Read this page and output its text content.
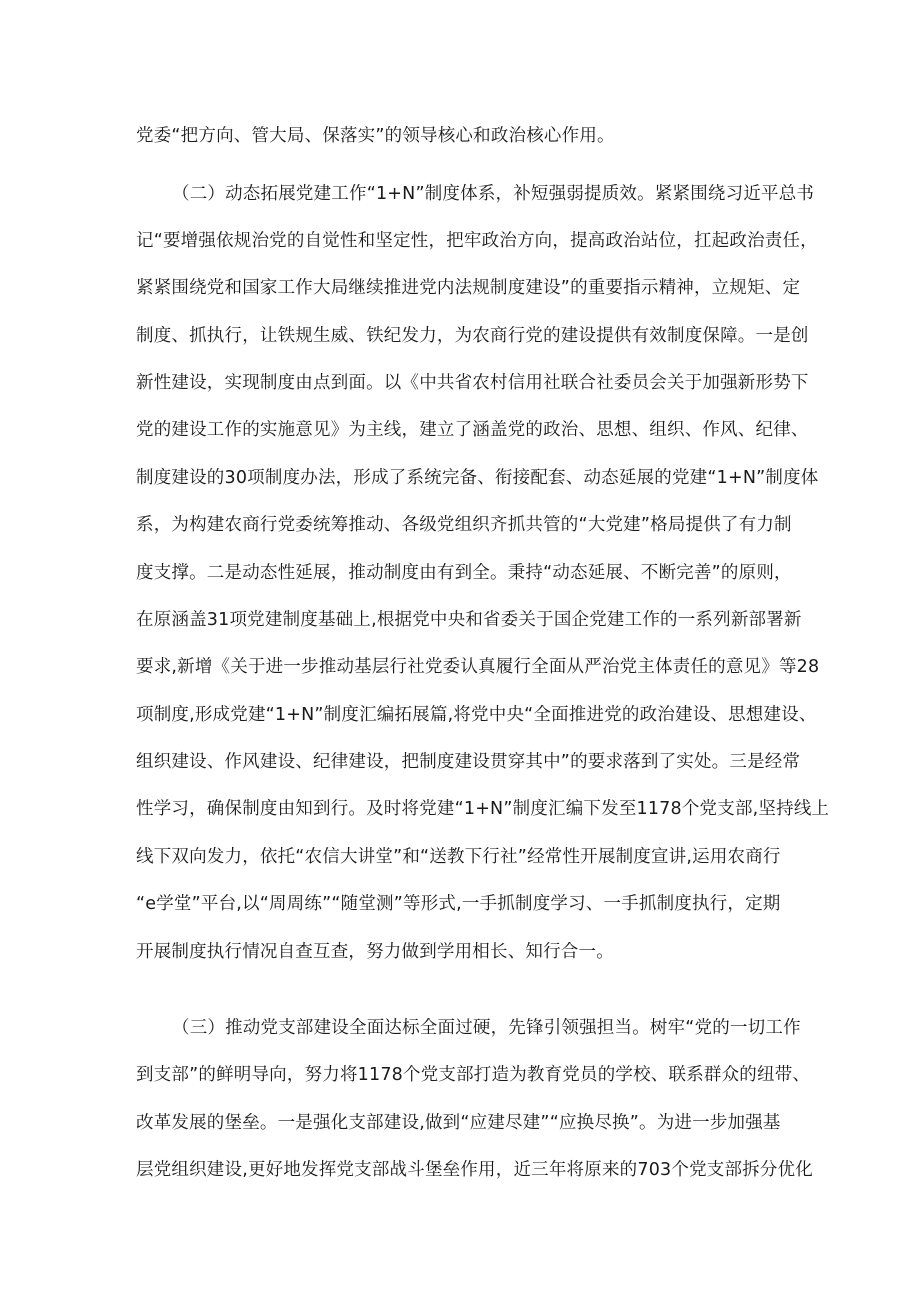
党委“把方向、管大局、保落实”的领导核心和政治核心作用。
（二）动态拓展党建工作“1+N”制度体系，补短强弱提质效。紧紧围绕习近平总书
记“要增强依规治党的自觉性和坚定性，把牢政治方向，提高政治站位，扛起政治责任，
紧紧围绕党和国家工作大局继续推进党内法规制度建设”的重要指示精神，立规矩、定
制度、抓执行，让铁规生威、铁纪发力，为农商行党的建设提供有效制度保障。一是创
新性建设，实现制度由点到面。以《中共省农村信用社联合社委员会关于加强新形势下
党的建设工作的实施意见》为主线，建立了涵盖党的政治、思想、组织、作风、纪律、
制度建设的30项制度办法，形成了系统完备、衔接配套、动态延展的党建“1+N”制度体
系，为构建农商行党委统筹推动、各级党组织齐抓共管的“大党建”格局提供了有力制
度支撑。二是动态性延展，推动制度由有到全。秉持“动态延展、不断完善”的原则，
在原涵盖31项党建制度基础上,根据党中央和省委关于国企党建工作的一系列新部署新
要求,新增《关于进一步推动基层行社党委认真履行全面从严治党主体责任的意见》等28
项制度,形成党建“1+N”制度汇编拓展篇,将党中央“全面推进党的政治建设、思想建设、
组织建设、作风建设、纪律建设，把制度建设贯穿其中”的要求落到了实处。三是经常
性学习，确保制度由知到行。及时将党建“1+N”制度汇编下发至1178个党支部,坚持线上
线下双向发力，依托“农信大讲堂”和“送教下行社”经常性开展制度宣讲,运用农商行
“e学堂”平台,以“周周练”“随堂测”等形式,一手抓制度学习、一手抓制度执行，定期
开展制度执行情况自查互查，努力做到学用相长、知行合一。
（三）推动党支部建设全面达标全面过硬，先锋引领强担当。树牢“党的一切工作
到支部”的鲜明导向，努力将1178个党支部打造为教育党员的学校、联系群众的纽带、
改革发展的堡垒。一是强化支部建设,做到“应建尽建”“应换尽换”。为进一步加强基
层党组织建设,更好地发挥党支部战斗堡垒作用，近三年将原来的703个党支部拆分优化
